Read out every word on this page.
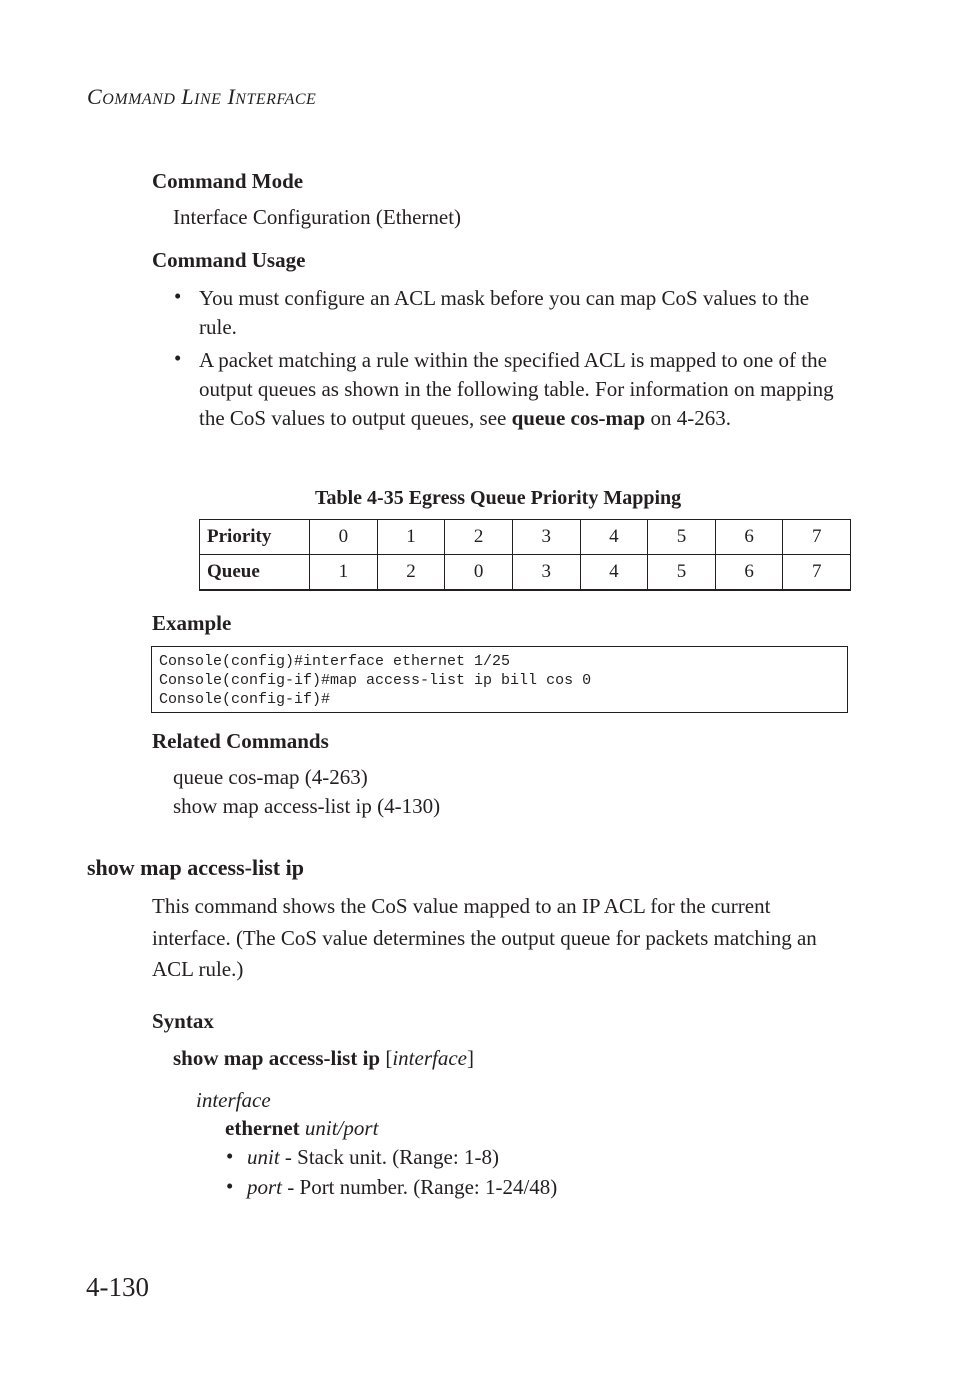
COMMAND LINE INTERFACE
Command Mode
Interface Configuration (Ethernet)
Command Usage
• You must configure an ACL mask before you can map CoS values to the rule.
• A packet matching a rule within the specified ACL is mapped to one of the output queues as shown in the following table. For information on mapping the CoS values to output queues, see queue cos-map on 4-263.
Table 4-35 Egress Queue Priority Mapping
Priority	0	1	2	3	4	5	6	7
Queue	1	2	0	3	4	5	6	7
Example
Console(config)#interface ethernet 1/25
Console(config-if)#map access-list ip bill cos 0
Console(config-if)#
Related Commands
queue cos-map (4-263)
show map access-list ip (4-130)
show map access-list ip
This command shows the CoS value mapped to an IP ACL for the current interface. (The CoS value determines the output queue for packets matching an ACL rule.)
Syntax
show map access-list ip [interface]
interface
ethernet unit/port
• unit - Stack unit. (Range: 1-8)
• port - Port number. (Range: 1-24/48)
4-130
